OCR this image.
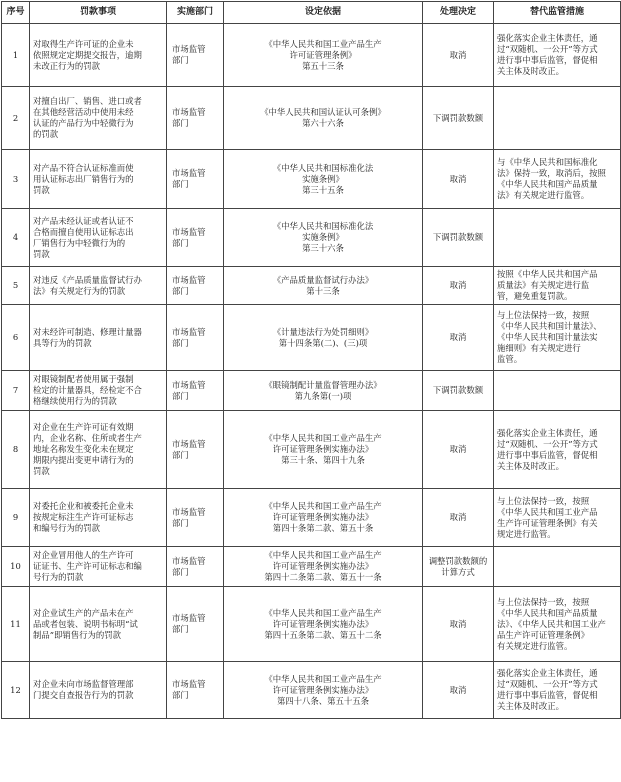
序号	罚款事项	实施部门	设定依据	处理决定	替代监管措施
1	对取得生产许可证的企业未
依照规定定期提交报告，逾期
未改正行为的罚款	市场监管
部门	《中华人民共和国工业产品生产
许可证管理条例》
第五十三条	取消	强化落实企业主体责任，通
过“双随机、一公开”等方式
进行事中事后监管，督促相
关主体及时改正。

2	对擅自出厂、销售、进口或者
在其他经营活动中使用未经
认证的产品行为中轻微行为
的罚款	市场监管
部门	《中华人民共和国认证认可条例》
第六十六条	下调罚款数额	

3	对产品不符合认证标准而使
用认证标志出厂销售行为的
罚款	市场监管
部门	《中华人民共和国标准化法
实施条例》
第三十五条	取消	与《中华人民共和国标准化
法》保持一致，取消后，按照
《中华人民共和国产品质量
法》有关规定进行监管。

4	对产品未经认证或者认证不
合格而擅自使用认证标志出
厂销售行为中轻微行为的
罚款	市场监管
部门	《中华人民共和国标准化法
实施条例》
第三十六条	下调罚款数额	

5	对违反《产品质量监督试行办
法》有关规定行为的罚款	市场监管
部门	《产品质量监督试行办法》
第十三条	取消	按照《中华人民共和国产品
质量法》有关规定进行监
管，避免重复罚款。

6	对未经许可制造、修理计量器
具等行为的罚款	市场监管
部门	《计量违法行为处罚细则》
第十四条第(二)、(三)项	取消	与上位法保持一致，按照
《中华人民共和国计量法》、
《中华人民共和国计量法实
施细则》有关规定进行
监管。

7	对眼镜制配者使用属于强制
检定的计量器具，经检定不合
格继续使用行为的罚款	市场监管
部门	《眼镜制配计量监督管理办法》
第九条第(一)项	下调罚款数额	

8	对企业在生产许可证有效期
内，企业名称、住所或者生产
地址名称发生变化未在规定
期限内提出变更申请行为的
罚款	市场监管
部门	《中华人民共和国工业产品生产
许可证管理条例实施办法》
第三十条、第四十九条	取消	强化落实企业主体责任，通
过“双随机、一公开”等方式
进行事中事后监管，督促相
关主体及时改正。

9	对委托企业和被委托企业未
按规定标注生产许可证标志
和编号行为的罚款	市场监管
部门	《中华人民共和国工业产品生产
许可证管理条例实施办法》
第四十条第二款、第五十条	取消	与上位法保持一致，按照
《中华人民共和国工业产品
生产许可证管理条例》有关
规定进行监管。

10	对企业冒用他人的生产许可
证证书、生产许可证标志和编
号行为的罚款	市场监管
部门	《中华人民共和国工业产品生产
许可证管理条例实施办法》
第四十二条第二款、第五十一条	调整罚款数额的
计算方式	

11	对企业试生产的产品未在产
品或者包装、说明书标明“试
制品”即销售行为的罚款	市场监管
部门	《中华人民共和国工业产品生产
许可证管理条例实施办法》
第四十五条第二款、第五十二条	取消	与上位法保持一致，按照
《中华人民共和国产品质量
法》、《中华人民共和国工业产
品生产许可证管理条例》
有关规定进行监管。

12	对企业未向市场监督管理部
门提交自查报告行为的罚款	市场监管
部门	《中华人民共和国工业产品生产
许可证管理条例实施办法》
第四十八条、第五十五条	取消	强化落实企业主体责任，通
过“双随机、一公开”等方式
进行事中事后监管，督促相
关主体及时改正。
